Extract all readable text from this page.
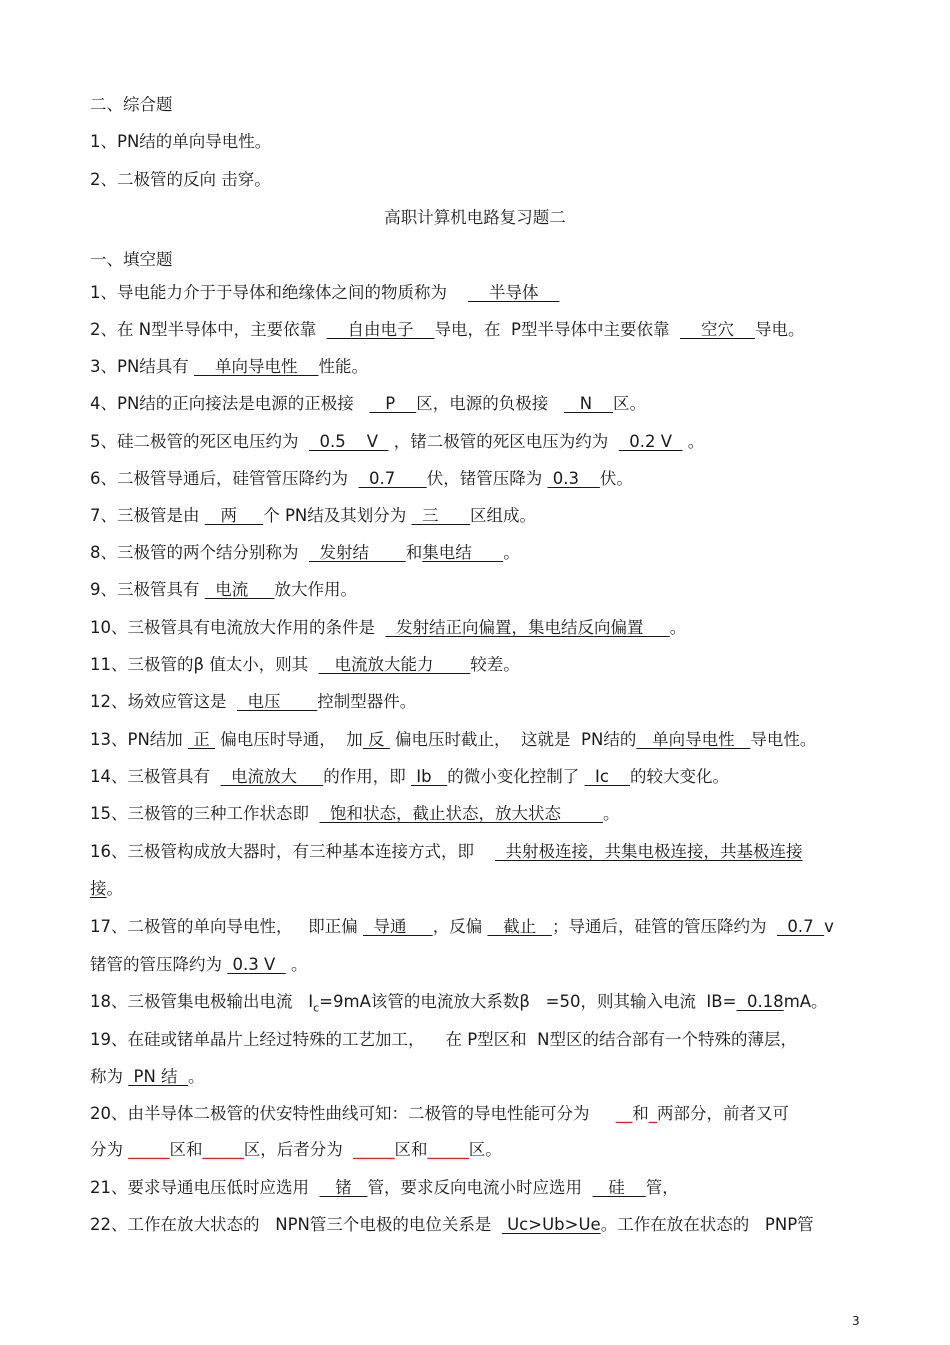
二、综合题
1、PN结的单向导电性。
2、二极管的反向 击穿。
高职计算机电路复习题二
一、填空题
1、导电能力介于于导体和绝缘体之间的物质称为        半导体
2、在 N型半导体中，主要依靠      自由电子    导电，在  P型半导体中主要依靠      空穴    导电。
3、PN结具有     单向导电性    性能。
4、PN结的正向接法是电源的正极接      P    区，电源的负极接      N    区。
5、硅二极管的死区电压约为    0.5    V   ，锗二极管的死区电压为约为    0.2 V   。
6、二极管导通后，硅管管压降约为    0.7      伏，锗管压降为  0.3    伏。
7、三极管是由    两     个 PN结及其划分为   三      区组成。
8、三极管的两个结分别称为    发射结       和集电结      。
9、三极管具有   电流     放大作用。
10、三极管具有电流放大作用的条件是    发射结正向偏置，集电结反向偏置     。
11、三极管的β 值太小，则其     电流放大能力       较差。
12、场效应管这是    电压       控制型器件。
13、PN结加  正  偏电压时导通，  加 反  偏电压时截止，  这就是  PN结的   单向导电性   导电性。
14、三极管具有    电流放大     的作用，即  Ib   的微小变化控制了   Ic    的较大变化。
15、三极管的三种工作状态即    饱和状态，截止状态，放大状态        。
16、三极管构成放大器时，有三种基本连接方式，即      共射极连接，共集电极连接，共基极连接
接。
17、二极管的单向导电性，   即正偏   导通     ，反偏    截止   ；导通后，硅管的管压降约为    0.7  v
锗管的管压降约为  0.3 V   。
18、三极管集电极输出电流   $I_c=9mA$该管的电流放大系数β   =50，则其输入电流  IB=  0.18mA。
19、在硅或锗单晶片上经过特殊的工艺加工，    在 P型区和  N型区的结合部有一个特殊的薄层，
称为  PN 结  。
20、由半导体二极管的伏安特性曲线可知：二极管的导电性能可分为     __和_两部分，前者又可
分为 _____区和_____区，后者分为  _____区和_____区。
21、要求导通电压低时应选用     锗   管，要求反向电流小时应选用     硅    管，
22、工作在放大状态的   NPN管三个电极的电位关系是   Uc>Ub>Ue。工作在放在状态的   PNP管
3
